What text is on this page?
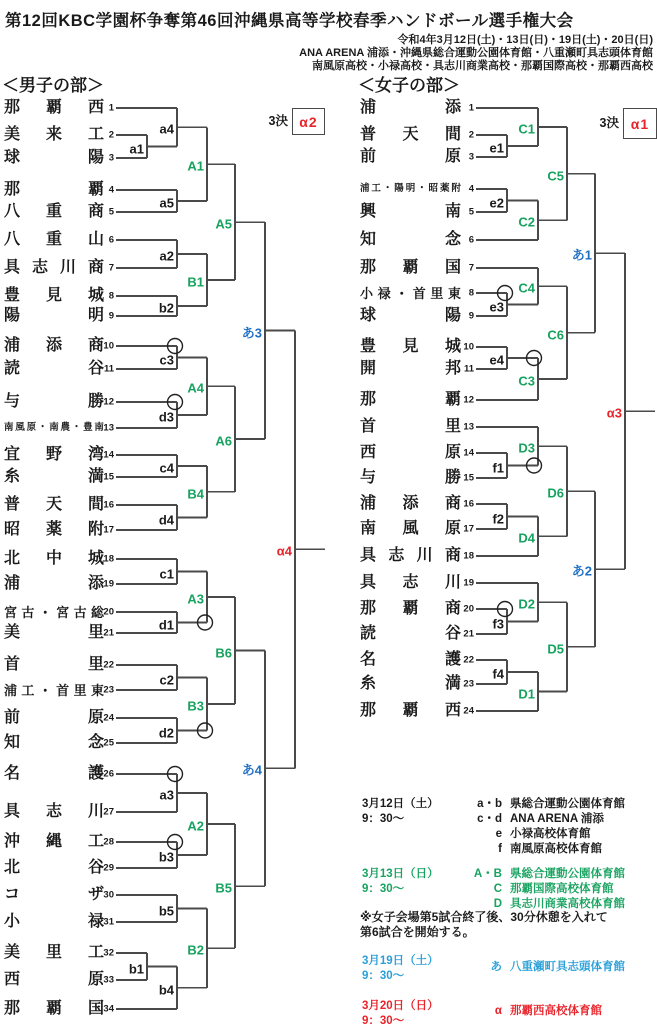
第12回KBC学園杯争奪第46回沖縄県高等学校春季ハンドボール選手権大会
令和4年3月12日(土)・13日(日)・19日(土)・20日(日)
ANA ARENA 浦添・沖縄県総合運動公園体育館・八重瀬町具志頭体育館
南風原高校・小禄高校・具志川商業高校・那覇国際高校・那覇西高校
＜男子の部＞	＜女子の部＞
那 覇 西 1
美 来 工 2
球	陽 3
那	覇 4
八 重 商 5
八 重 山 6
具 志 川 商 7
豊 見 城 8
陽	明 9
浦 添 商 10
読	谷 11
与	勝 12
南 風 原 ・ 南 農 ・ 豊 南 13
宜 野 湾 14
糸	満 15
普 天 間 16
昭 薬 附 17
北 中 城 18
浦	添 19
宮 古 ・ 宮 古 総 20
美	里 21
首	里 22
浦 工 ・ 首 里 東 23
前	原 24
知	念 25
名	護 26
具 志 川 27
沖 縄 工 28
北	谷 29
コ	ザ 30
小	禄 31
美 里 工 32
西	原 33
那 覇 国 34
a1
a4
a5
A1
a2
b2
B1
A5
c3
d3
A4
c4
d4
B4
A6
あ3
c1
d1
A3
c2
d2
B3
B6
a3
b3
A2
b5
b1
b4
B2
B5
あ4
α4
3決 α2
浦	添 1
普 天 間 2
前	原 3
浦 工 ・ 陽 明 ・ 昭 薬 附 4
興	南 5
知	念 6
那 覇 国 7
小 禄 ・ 首 里 東 8
球	陽 9
豊 見 城 10
開	邦 11
那	覇 12
首	里 13
西	原 14
与	勝 15
浦 添 商 16
南 風 原 17
具 志 川 商 18
具 志 川 19
那 覇 商 20
読	谷 21
名	護 22
糸	満 23
那 覇 西 24
e1
C1
e2
C2
C5
e3
C4
e4
C3
C6
あ1
f1
D3
f2
D4
D6
f3
D2
f4
D1
D5
あ2
α3
3決 α1
3月12日（土）
9：30～
a・b 県総合運動公園体育館
c・d ANA ARENA 浦添
e 小禄高校体育館
f 南風原高校体育館
3月13日（日）
9：30～
A・B 県総合運動公園体育館
C 那覇国際高校体育館
D 具志川商業高校体育館
3月19日（土）
9：30～
あ 八重瀬町具志頭体育館
3月20日（日）
9：30～
α 那覇西高校体育館
※女子会場第5試合終了後、30分休憩を入れて
第6試合を開始する。
